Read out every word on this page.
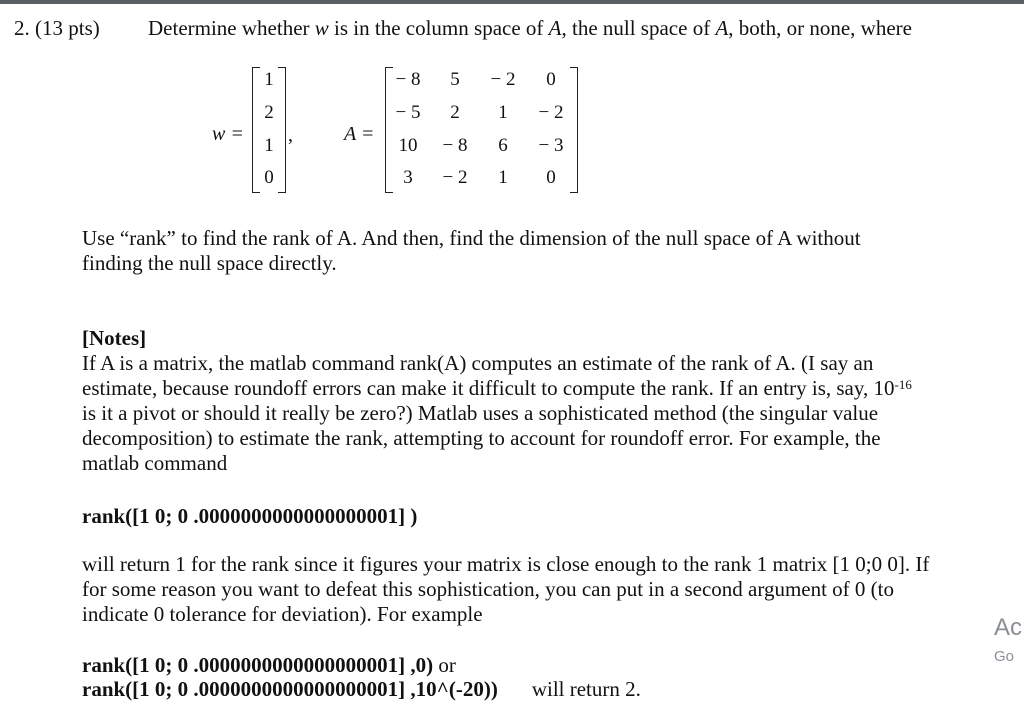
2. (13 pts) Determine whether w is in the column space of A, the null space of A, both, or none, where
w =
1
2
1
0
,	A =
− 8	5	− 2	0
− 5	2	1	− 2
10	− 8	6	− 3
3	− 2	1	0
Use “rank” to find the rank of A. And then, find the dimension of the null space of A without
finding the null space directly.
[Notes]
If A is a matrix, the matlab command rank(A) computes an estimate of the rank of A. (I say an
estimate, because roundoff errors can make it difficult to compute the rank. If an entry is, say, $10^{-16}$
is it a pivot or should it really be zero?) Matlab uses a sophisticated method (the singular value
decomposition) to estimate the rank, attempting to account for roundoff error. For example, the
matlab command
rank([1 0; 0 .0000000000000000001] )
will return 1 for the rank since it figures your matrix is close enough to the rank 1 matrix [1 0;0 0]. If
for some reason you want to defeat this sophistication, you can put in a second argument of 0 (to
indicate 0 tolerance for deviation). For example
rank([1 0; 0 .0000000000000000001] ,0) or
rank([1 0; 0 .0000000000000000001] ,10^(-20)) will return 2.
Ac
Go
